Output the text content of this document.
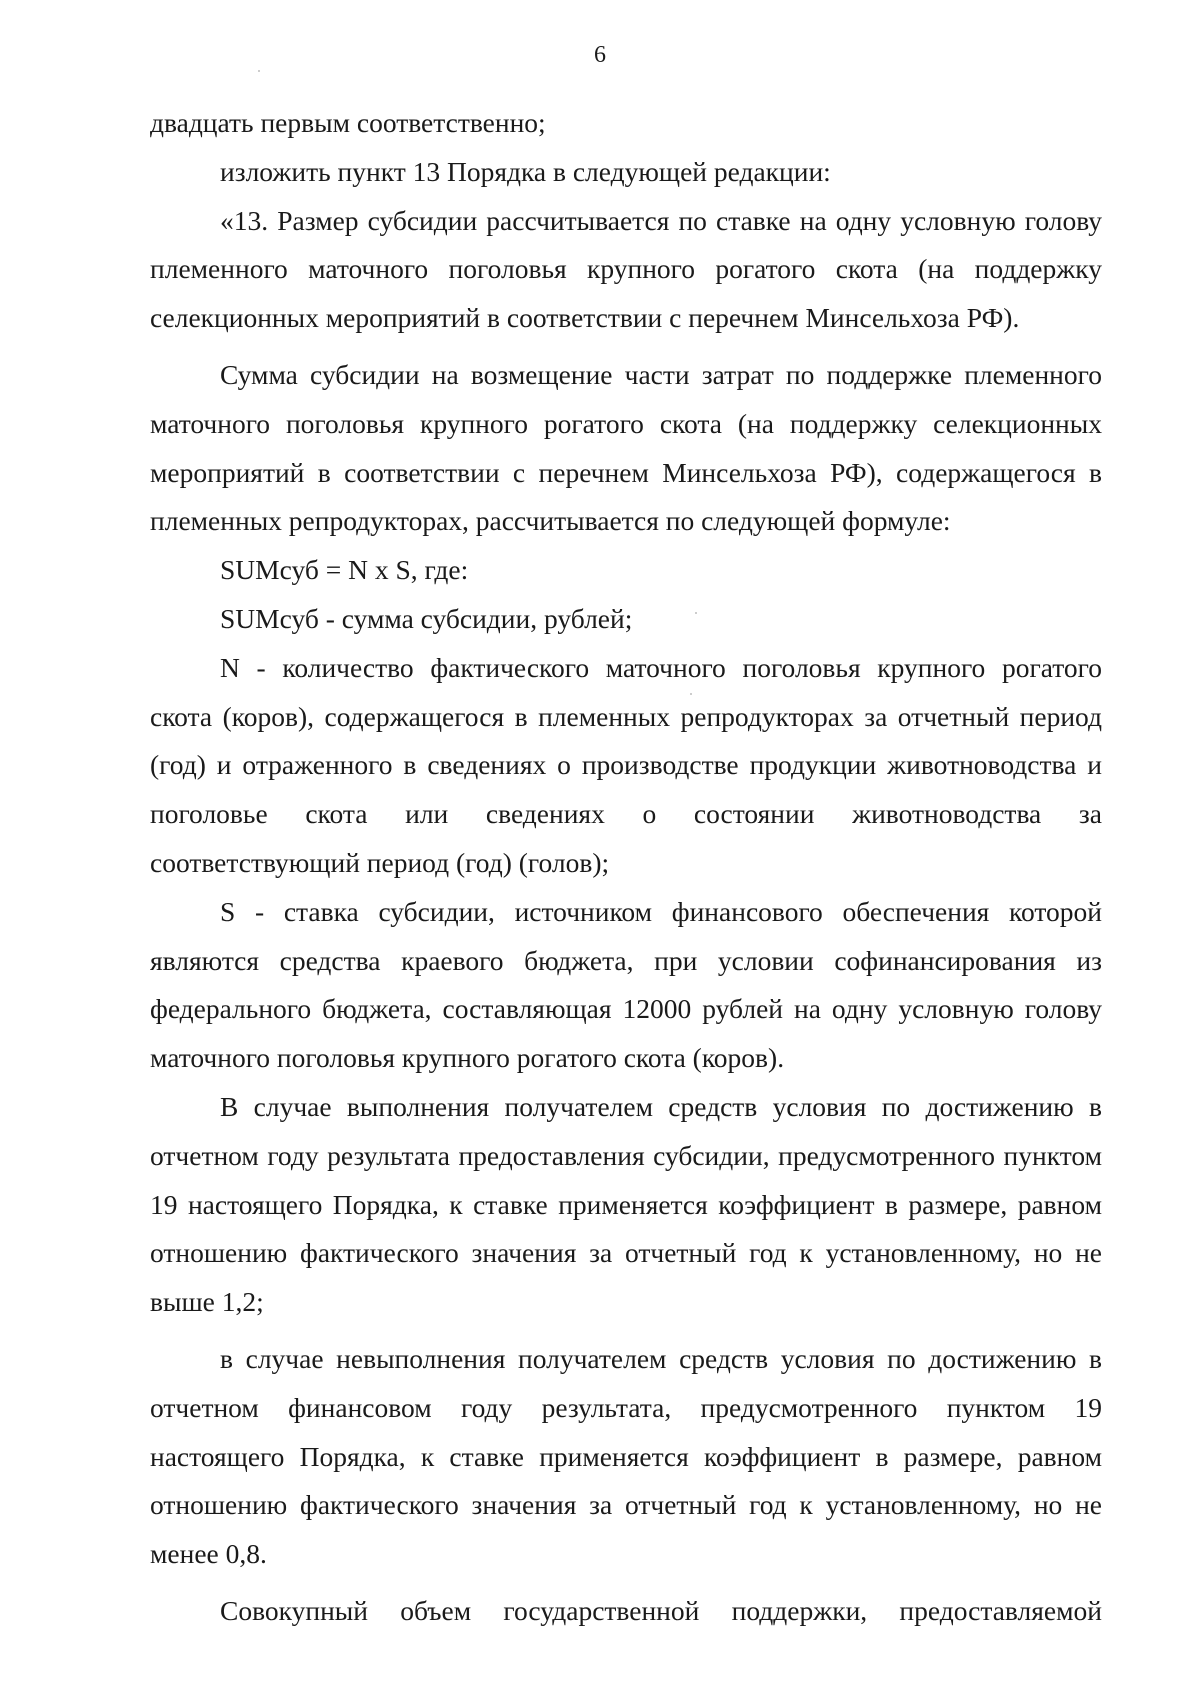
6

двадцать первым соответственно;

изложить пункт 13 Порядка в следующей редакции:

«13. Размер субсидии рассчитывается по ставке на одну условную голову племенного маточного поголовья крупного рогатого скота (на поддержку селекционных мероприятий в соответствии с перечнем Минсельхоза РФ).

Сумма субсидии на возмещение части затрат по поддержке племенного маточного поголовья крупного рогатого скота (на поддержку селекционных мероприятий в соответствии с перечнем Минсельхоза РФ), содержащегося в племенных репродукторах, рассчитывается по следующей формуле:

SUMсуб = N x S, где:

SUMсуб - сумма субсидии, рублей;

N - количество фактического маточного поголовья крупного рогатого скота (коров), содержащегося в племенных репродукторах за отчетный период (год) и отраженного в сведениях о производстве продукции животноводства и поголовье скота или сведениях о состоянии животноводства за соответствующий период (год) (голов);

S - ставка субсидии, источником финансового обеспечения которой являются средства краевого бюджета, при условии софинансирования из федерального бюджета, составляющая 12000 рублей на одну условную голову маточного поголовья крупного рогатого скота (коров).

В случае выполнения получателем средств условия по достижению в отчетном году результата предоставления субсидии, предусмотренного пунктом 19 настоящего Порядка, к ставке применяется коэффициент в размере, равном отношению фактического значения за отчетный год к установленному, но не выше 1,2;

в случае невыполнения получателем средств условия по достижению в отчетном финансовом году результата, предусмотренного пунктом 19 настоящего Порядка, к ставке применяется коэффициент в размере, равном отношению фактического значения за отчетный год к установленному, но не менее 0,8.

Совокупный объем государственной поддержки, предоставляемой
